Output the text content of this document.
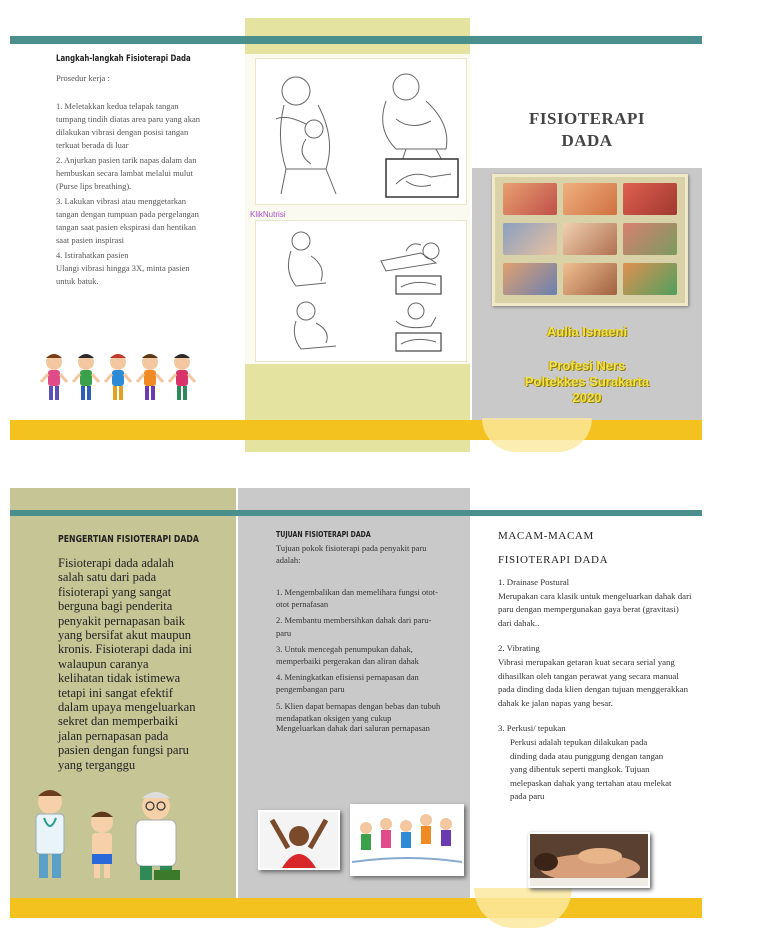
Langkah-langkah Fisioterapi Dada
Prosedur kerja :

1. Meletakkan kedua telapak tangan tumpang tindih diatas area paru yang akan dilakukan vibrasi dengan posisi tangan terkuat berada di luar

2. Anjurkan pasien tarik napas dalam dan hembuskan secara lambat melalui mulut (Purse lips breathing).

3. Lakukan vibrasi atau menggetarkan tangan dengan tumpuan pada pergelangan tangan saat pasien ekspirasi dan hentikan saat pasien inspirasi

4. Istirahatkan pasien

Ulangi vibrasi hingga 3X, minta pasien untuk batuk.

KlikNutrisi
FISIOTERAPI
DADA
Aulia Isnaeni
Profesi Ners
Poltekkes Surakarta
2020
PENGERTIAN FISIOTERAPI DADA
Fisioterapi dada adalah
salah satu dari pada
fisioterapi yang sangat
berguna bagi penderita
penyakit pernapasan baik
yang bersifat akut maupun
kronis. Fisioterapi dada ini
walaupun caranya
kelihatan tidak istimewa
tetapi ini sangat efektif
dalam upaya mengeluarkan
sekret dan memperbaiki
jalan pernapasan pada
pasien dengan fungsi paru
yang terganggu
TUJUAN FISIOTERAPI DADA
Tujuan pokok fisioterapi pada penyakit paru adalah:

1. Mengembalikan dan memelihara fungsi otot-otot pernafasan

2. Membantu membersihkan dahak dari paru-paru

3. Untuk mencegah penumpukan dahak, memperbaiki pergerakan dan aliran dahak

4. Meningkatkan efisiensi pernapasan dan pengembangan paru

5. Klien dapat bernapas dengan bebas dan tubuh mendapatkan oksigen yang cukup

Mengeluarkan dahak dari saluran pernapasan

MACAM-MACAM
FISIOTERAPI DADA

1. Drainase Postural

Merupakan cara klasik untuk mengeluarkan dahak dari paru dengan mempergunakan gaya berat (gravitasi) dari dahak..

2. Vibrating

Vibrasi merupakan getaran kuat secara serial yang dihasilkan oleh tangan perawat yang secara manual pada dinding dada klien dengan tujuan menggerakkan dahak ke jalan napas yang besar.

3. Perkusi/ tepukan

Perkusi adalah tepukan dilakukan pada dinding dada atau punggung dengan tangan yang dibentuk seperti mangkok. Tujuan melepaskan dahak yang tertahan atau melekat pada paru
